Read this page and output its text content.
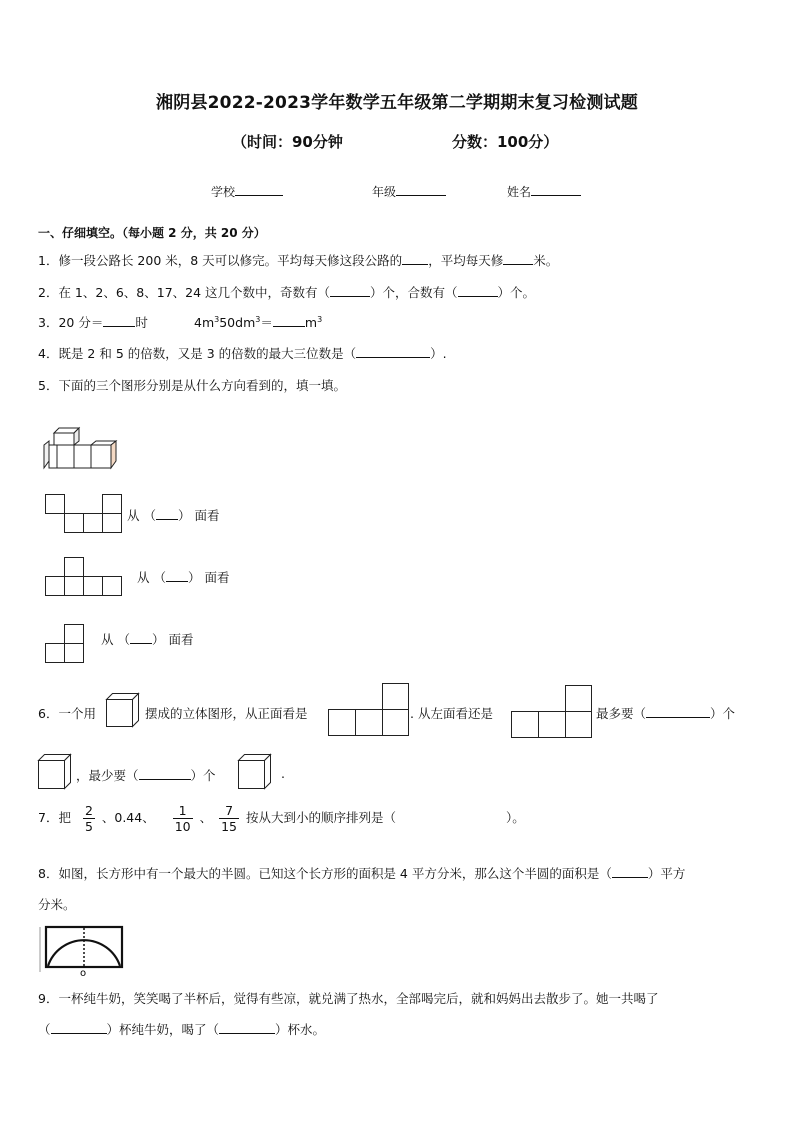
湘阴县2022-2023学年数学五年级第二学期期末复习检测试题
（时间：90分钟	分数：100分）
学校	年级	姓名
一、仔细填空。（每小题 2 分，共 20 分）
1．修一段公路长 200 米，8 天可以修完。平均每天修这段公路的 ，平均每天修 米。
2．在 1、2、6、8、17、24 这几个数中，奇数有（	）个，合数有（	）个。
3．20 分＝	时	$4m^350dm^3=$	$m^3$
4．既是 2 和 5 的倍数，又是 3 的倍数的最大三位数是（	）.
5．下面的三个图形分别是从什么方向看到的，填一填。
从 （ ） 面看
从 （ ） 面看
从 （ ） 面看
6．一个用	摆成的立体图形，从正面看是	. 从左面看还是	最多要（	）个
，最少要（	）个	.
7．把 $\frac{2}{5}$ 、0.44、 $\frac{1}{10}$ 、 $\frac{7}{15}$ 按从大到小的顺序排列是（	）。
8．如图，长方形中有一个最大的半圆。已知这个长方形的面积是 4 平方分米，那么这个半圆的面积是（	）平方
分米。
o
9．一杯纯牛奶，笑笑喝了半杯后，觉得有些凉，就兑满了热水，全部喝完后，就和妈妈出去散步了。她一共喝了
（	）杯纯牛奶，喝了（	）杯水。
